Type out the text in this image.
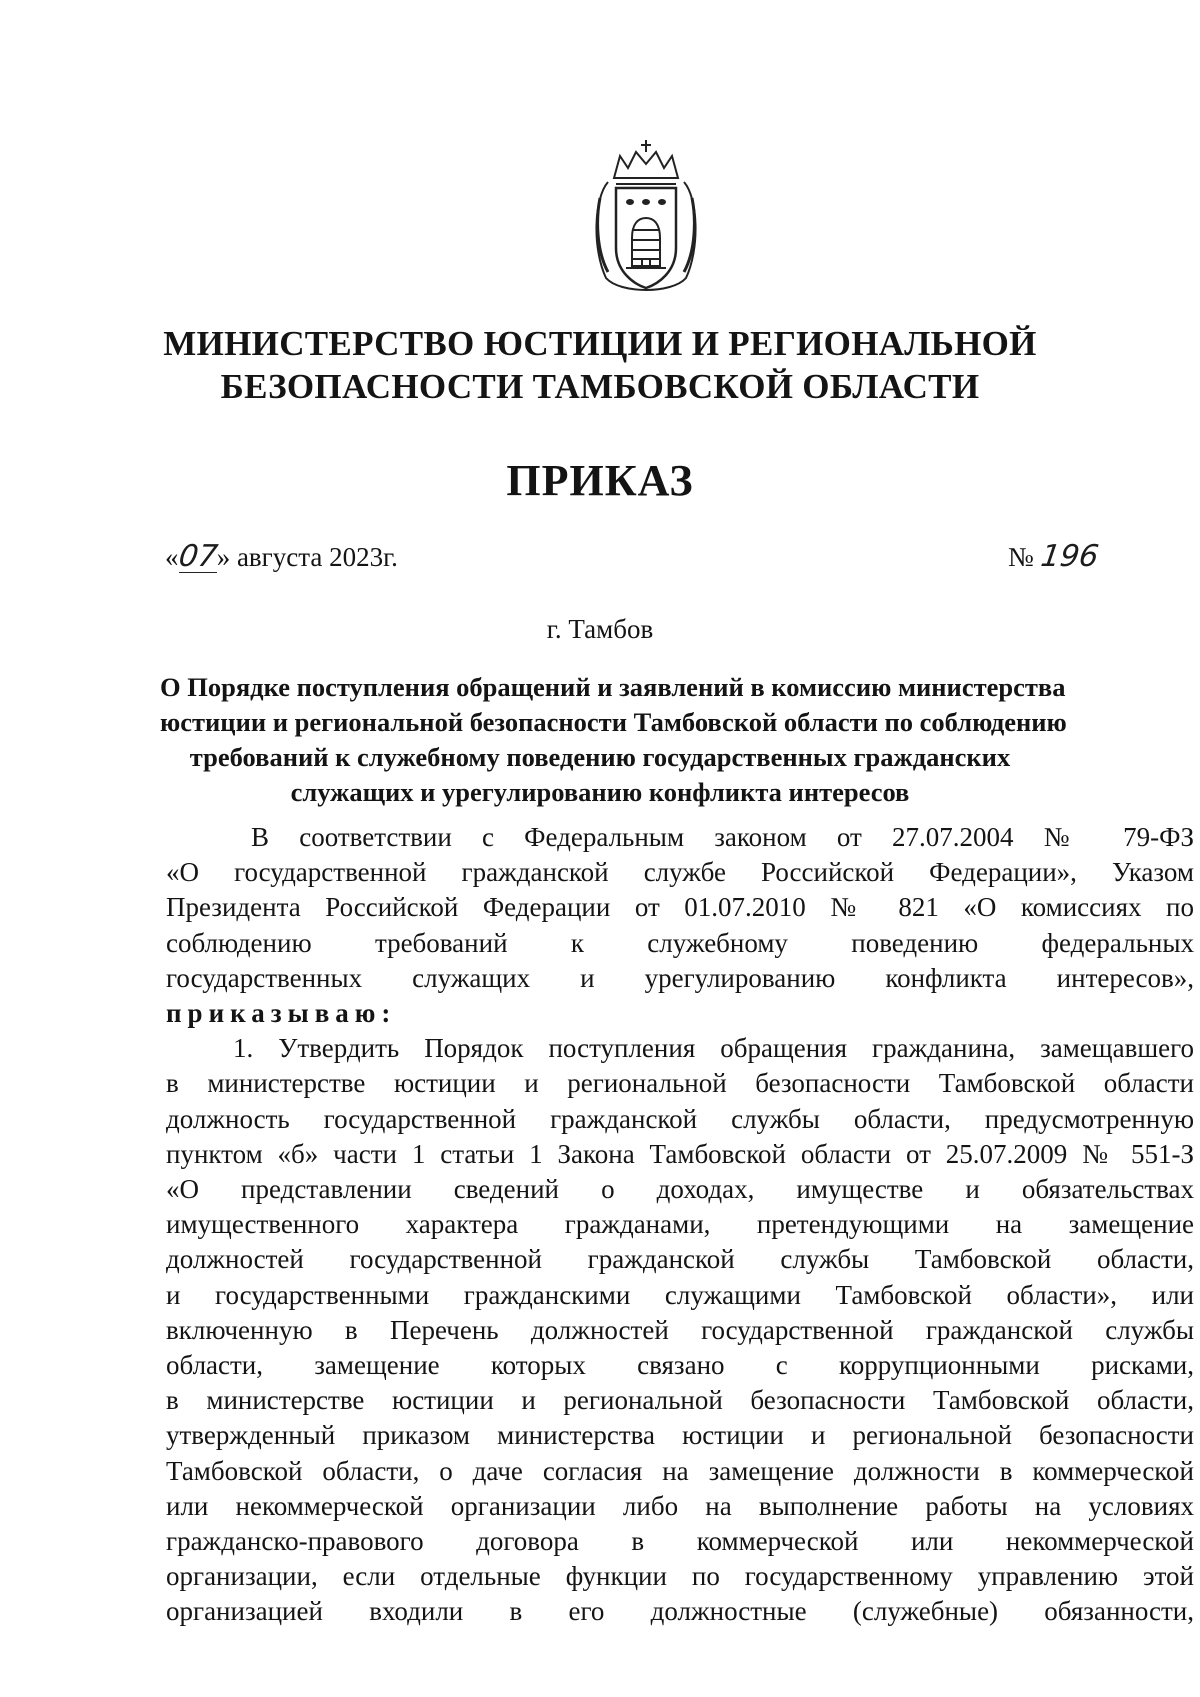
МИНИСТЕРСТВО ЮСТИЦИИ И РЕГИОНАЛЬНОЙ
БЕЗОПАСНОСТИ ТАМБОВСКОЙ ОБЛАСТИ
ПРИКАЗ
«07» августа 2023г.	№ 196
г. Тамбов
О Порядке поступления обращений и заявлений в комиссию министерства
юстиции и региональной безопасности Тамбовской области по соблюдению
требований к служебному поведению государственных гражданских
служащих и урегулированию конфликта интересов
В соответствии с Федеральным законом от 27.07.2004 № 79-ФЗ
«О государственной гражданской службе Российской Федерации», Указом
Президента Российской Федерации от 01.07.2010 № 821 «О комиссиях по
соблюдению требований к служебному поведению федеральных
государственных служащих и урегулированию конфликта интересов»,
приказываю:
1. Утвердить Порядок поступления обращения гражданина, замещавшего
в министерстве юстиции и региональной безопасности Тамбовской области
должность государственной гражданской службы области, предусмотренную
пунктом «б» части 1 статьи 1 Закона Тамбовской области от 25.07.2009 № 551-З
«О представлении сведений о доходах, имуществе и обязательствах
имущественного характера гражданами, претендующими на замещение
должностей государственной гражданской службы Тамбовской области,
и государственными гражданскими служащими Тамбовской области», или
включенную в Перечень должностей государственной гражданской службы
области, замещение которых связано с коррупционными рисками,
в министерстве юстиции и региональной безопасности Тамбовской области,
утвержденный приказом министерства юстиции и региональной безопасности
Тамбовской области, о даче согласия на замещение должности в коммерческой
или некоммерческой организации либо на выполнение работы на условиях
гражданско-правового договора в коммерческой или некоммерческой
организации, если отдельные функции по государственному управлению этой
организацией входили в его должностные (служебные) обязанности,
